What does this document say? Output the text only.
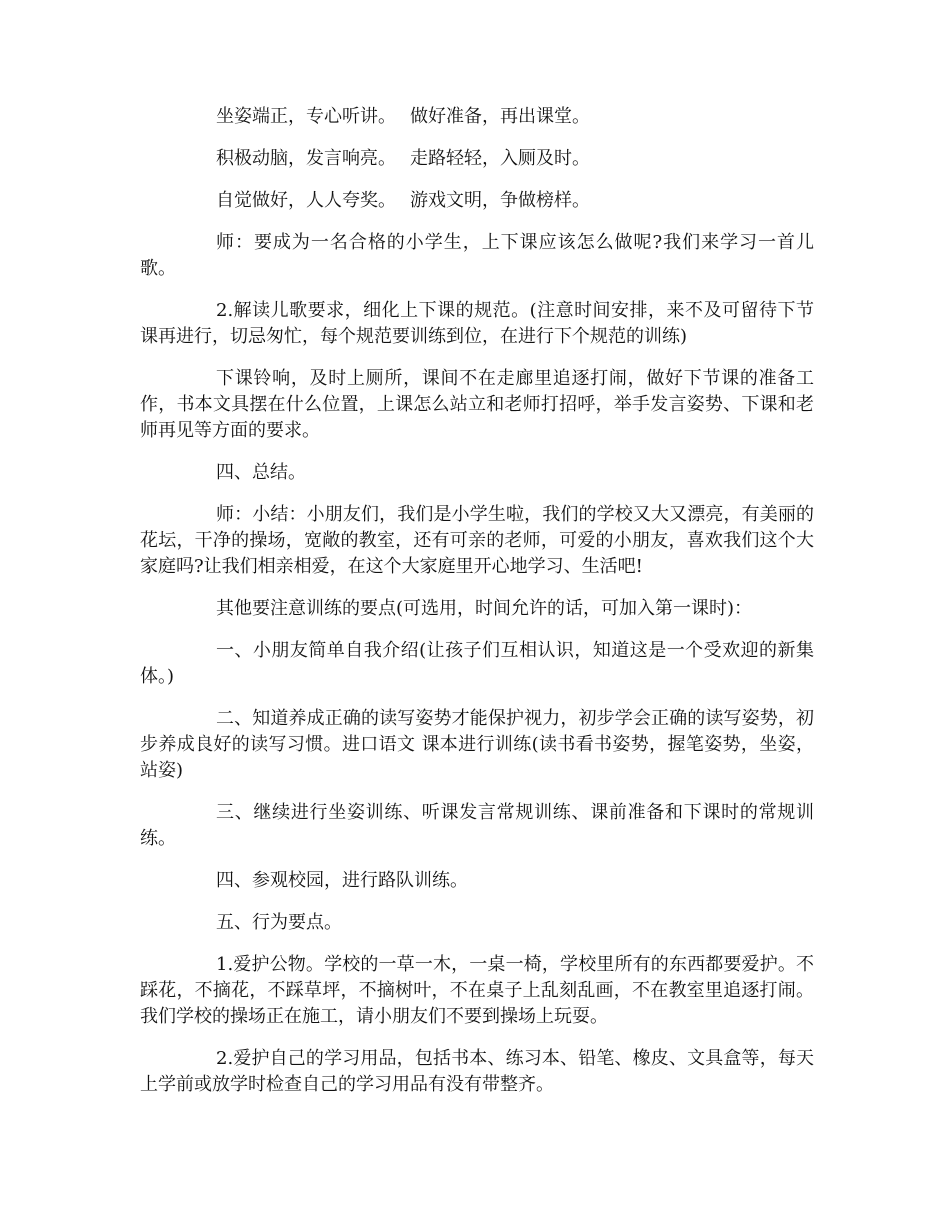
坐姿端正，专心听讲。 做好准备，再出课堂。
积极动脑，发言响亮。 走路轻轻，入厕及时。
自觉做好，人人夸奖。 游戏文明，争做榜样。

师：要成为一名合格的小学生，上下课应该怎么做呢?我们来学习一首儿歌。

2.解读儿歌要求，细化上下课的规范。(注意时间安排，来不及可留待下节课再进行，切忌匆忙，每个规范要训练到位，在进行下个规范的训练)

下课铃响，及时上厕所，课间不在走廊里追逐打闹，做好下节课的准备工作，书本文具摆在什么位置，上课怎么站立和老师打招呼，举手发言姿势、下课和老师再见等方面的要求。

四、总结。

师：小结：小朋友们，我们是小学生啦，我们的学校又大又漂亮，有美丽的花坛，干净的操场，宽敞的教室，还有可亲的老师，可爱的小朋友，喜欢我们这个大家庭吗?让我们相亲相爱，在这个大家庭里开心地学习、生活吧!

其他要注意训练的要点(可选用，时间允许的话，可加入第一课时)：

一、小朋友简单自我介绍(让孩子们互相认识，知道这是一个受欢迎的新集体。)

二、知道养成正确的读写姿势才能保护视力，初步学会正确的读写姿势，初步养成良好的读写习惯。进口语文 课本进行训练(读书看书姿势，握笔姿势，坐姿，站姿)

三、继续进行坐姿训练、听课发言常规训练、课前准备和下课时的常规训练。

四、参观校园，进行路队训练。

五、行为要点。

1.爱护公物。学校的一草一木，一桌一椅，学校里所有的东西都要爱护。不踩花，不摘花，不踩草坪，不摘树叶，不在桌子上乱刻乱画，不在教室里追逐打闹。我们学校的操场正在施工，请小朋友们不要到操场上玩耍。

2.爱护自己的学习用品，包括书本、练习本、铅笔、橡皮、文具盒等，每天上学前或放学时检查自己的学习用品有没有带整齐。
